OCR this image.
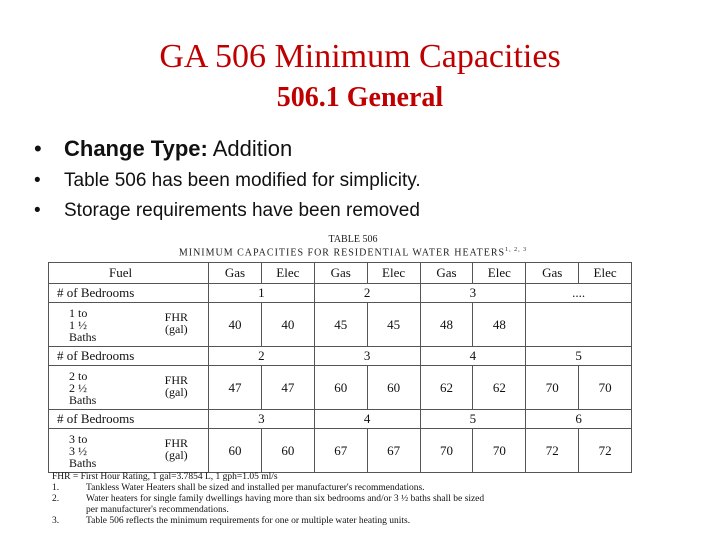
GA 506 Minimum Capacities
506.1 General
• Change Type: Addition
• Table 506 has been modified for simplicity.
• Storage requirements have been removed
TABLE 506
MINIMUM CAPACITIES FOR RESIDENTIAL WATER HEATERS$^{1, 2, 3}$
Fuel	Gas	Elec	Gas	Elec	Gas	Elec	Gas	Elec
# of Bedrooms	1		2		3		....	

1 to
1 ½
Baths
FHR
(gal)	40	40	45	45	48	48		
# of Bedrooms	2		3		4		5	

2 to
2 ½
Baths
FHR
(gal)	47	47	60	60	62	62	70	70
# of Bedrooms	3		4		5		6	

3 to
3 ½
Baths
FHR
(gal)	60	60	67	67	70	70	72	72
FHR = First Hour Rating, 1 gal=3.7854 L, 1 gph=1.05 ml/s
1.	Tankless Water Heaters shall be sized and installed per manufacturer's recommendations.
2.	Water heaters for single family dwellings having more than six bedrooms and/or 3 ½ baths shall be sized
per manufacturer's recommendations.
3.	Table 506 reflects the minimum requirements for one or multiple water heating units.
